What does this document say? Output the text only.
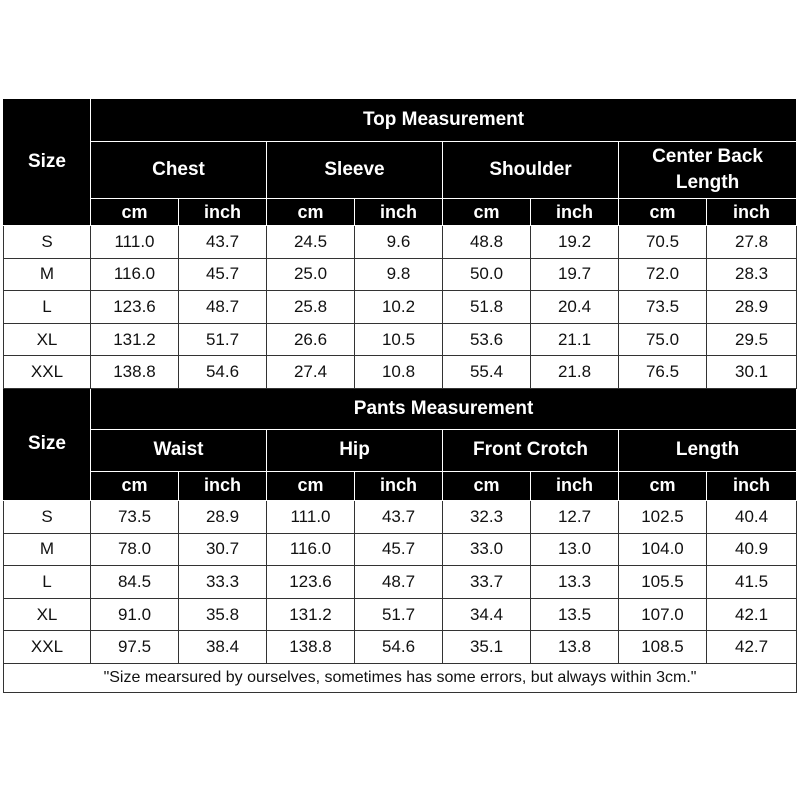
Size	Top Measurement							
	Chest		Sleeve		Shoulder		Center Back
Length	
	cm	inch	cm	inch	cm	inch	cm	inch
S	111.0	43.7	24.5	9.6	48.8	19.2	70.5	27.8
M	116.0	45.7	25.0	9.8	50.0	19.7	72.0	28.3
L	123.6	48.7	25.8	10.2	51.8	20.4	73.5	28.9
XL	131.2	51.7	26.6	10.5	53.6	21.1	75.0	29.5
XXL	138.8	54.6	27.4	10.8	55.4	21.8	76.5	30.1
Size	Pants Measurement							
	Waist		Hip		Front Crotch		Length	
	cm	inch	cm	inch	cm	inch	cm	inch
S	73.5	28.9	111.0	43.7	32.3	12.7	102.5	40.4
M	78.0	30.7	116.0	45.7	33.0	13.0	104.0	40.9
L	84.5	33.3	123.6	48.7	33.7	13.3	105.5	41.5
XL	91.0	35.8	131.2	51.7	34.4	13.5	107.0	42.1
XXL	97.5	38.4	138.8	54.6	35.1	13.8	108.5	42.7
"Size mearsured by ourselves, sometimes has some errors, but always within 3cm."								
